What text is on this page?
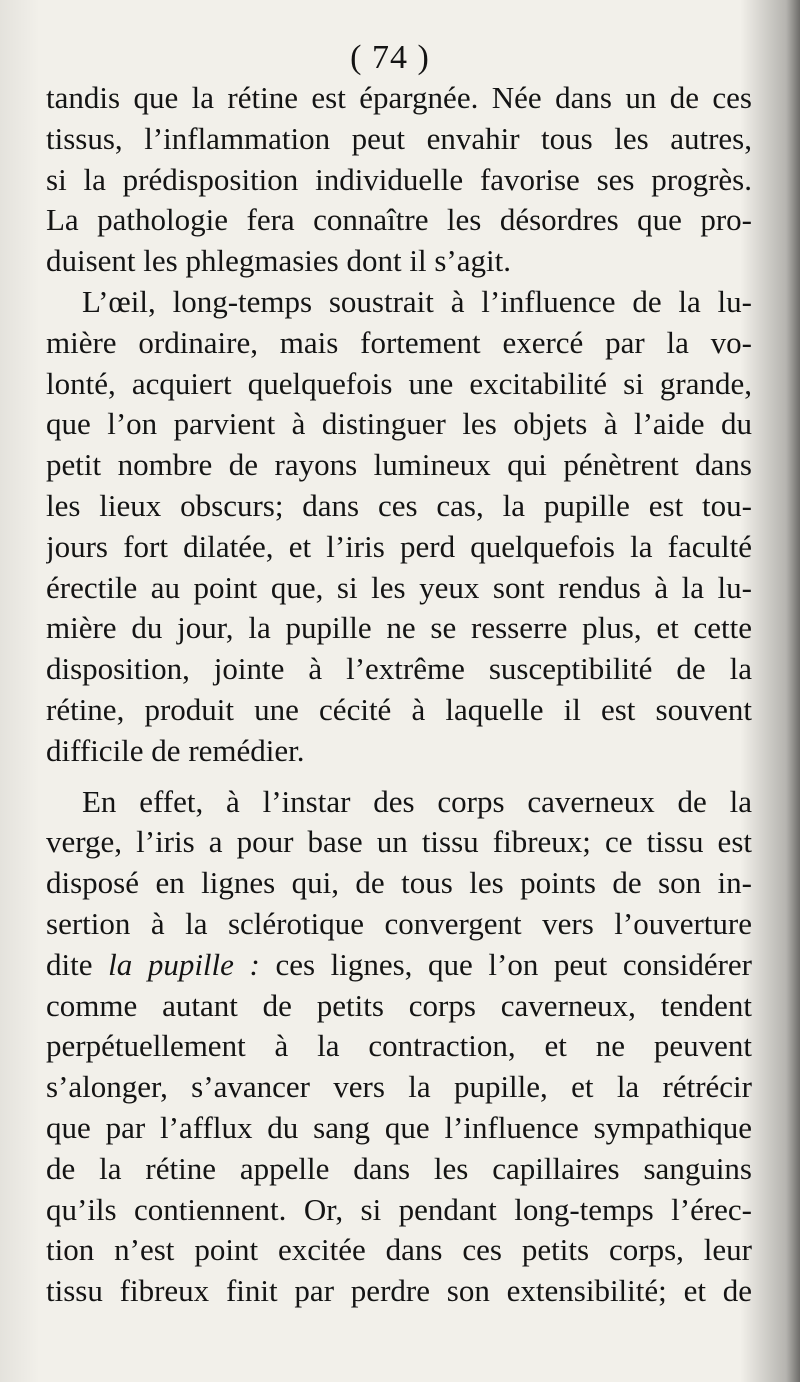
( 74 )
tandis que la rétine est épargnée. Née dans un de ces
tissus, l’inflammation peut envahir tous les autres,
si la prédisposition individuelle favorise ses progrès.
La pathologie fera connaître les désordres que pro-
duisent les phlegmasies dont il s’agit.
L’œil, long-temps soustrait à l’influence de la lu-
mière ordinaire, mais fortement exercé par la vo-
lonté, acquiert quelquefois une excitabilité si grande,
que l’on parvient à distinguer les objets à l’aide du
petit nombre de rayons lumineux qui pénètrent dans
les lieux obscurs; dans ces cas, la pupille est tou-
jours fort dilatée, et l’iris perd quelquefois la faculté
érectile au point que, si les yeux sont rendus à la lu-
mière du jour, la pupille ne se resserre plus, et cette
disposition, jointe à l’extrême susceptibilité de la
rétine, produit une cécité à laquelle il est souvent
difficile de remédier.
En effet, à l’instar des corps caverneux de la
verge, l’iris a pour base un tissu fibreux; ce tissu est
disposé en lignes qui, de tous les points de son in-
sertion à la sclérotique convergent vers l’ouverture
dite la pupille : ces lignes, que l’on peut considérer
comme autant de petits corps caverneux, tendent
perpétuellement à la contraction, et ne peuvent
s’alonger, s’avancer vers la pupille, et la rétrécir
que par l’afflux du sang que l’influence sympathique
de la rétine appelle dans les capillaires sanguins
qu’ils contiennent. Or, si pendant long-temps l’érec-
tion n’est point excitée dans ces petits corps, leur
tissu fibreux finit par perdre son extensibilité; et de
